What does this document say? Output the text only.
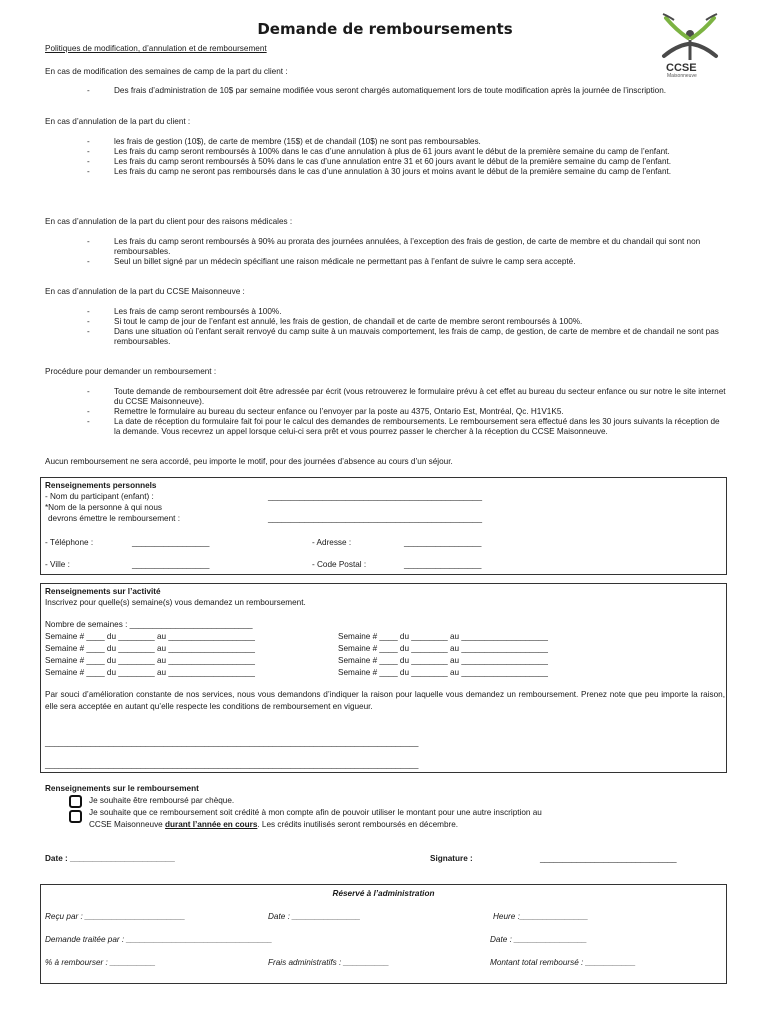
Demande de remboursements
CCSE
Maisonneuve
Politiques de modification, d’annulation et de remboursement
En cas de modification des semaines de camp de la part du client :
- Des frais d’administration de 10$ par semaine modifiée vous seront chargés automatiquement lors de toute modification après la journée de l’inscription.
En cas d’annulation de la part du client :
- les frais de gestion (10$), de carte de membre (15$) et de chandail (10$) ne sont pas remboursables.
- Les frais du camp seront remboursés à 100% dans le cas d’une annulation à plus de 61 jours avant le début de la première semaine du camp de l’enfant.
- Les frais du camp seront remboursés à 50% dans le cas d’une annulation entre 31 et 60 jours avant le début de la première semaine du camp de l’enfant.
- Les frais du camp ne seront pas remboursés dans le cas d’une annulation à 30 jours et moins avant le début de la première semaine du camp de l’enfant.
En cas d’annulation de la part du client pour des raisons médicales :
- Les frais du camp seront remboursés à 90% au prorata des journées annulées, à l’exception des frais de gestion, de carte de membre et du chandail qui sont non remboursables.
- Seul un billet signé par un médecin spécifiant une raison médicale ne permettant pas à l’enfant de suivre le camp sera accepté.
En cas d’annulation de la part du CCSE Maisonneuve :
- Les frais de camp seront remboursés à 100%.
- Si tout le camp de jour de l’enfant est annulé, les frais de gestion, de chandail et de carte de membre seront remboursés à 100%.
- Dans une situation où l’enfant serait renvoyé du camp suite à un mauvais comportement, les frais de camp, de gestion, de carte de membre et de chandail ne sont pas remboursables.
Procédure pour demander un remboursement :
- Toute demande de remboursement doit être adressée par écrit (vous retrouverez le formulaire prévu à cet effet au bureau du secteur enfance ou sur notre le site internet du CCSE Maisonneuve).
- Remettre le formulaire au bureau du secteur enfance ou l’envoyer par la poste au 4375, Ontario Est, Montréal, Qc. H1V1K5.
- La date de réception du formulaire fait foi pour le calcul des demandes de remboursements. Le remboursement sera effectué dans les 30 jours suivants la réception de la demande. Vous recevrez un appel lorsque celui-ci sera prêt et vous pourrez passer le chercher à la réception du CCSE Maisonneuve.
Aucun remboursement ne sera accordé, peu importe le motif, pour des journées d’absence au cours d’un séjour.
Renseignements personnels
- Nom du participant (enfant) :	_______________________________________________
*Nom de la personne à qui nous
devrons émettre le remboursement :	_______________________________________________
- Téléphone :	_________________	- Adresse :	_________________
- Ville :	_________________	- Code Postal :	_________________
Renseignements sur l’activité
Inscrivez pour quelle(s) semaine(s) vous demandez un remboursement.
Nombre de semaines : ___________________________
Semaine # ____ du ________ au ___________________	Semaine # ____ du ________ au ___________________
Semaine # ____ du ________ au ___________________	Semaine # ____ du ________ au ___________________
Semaine # ____ du ________ au ___________________	Semaine # ____ du ________ au ___________________
Semaine # ____ du ________ au ___________________	Semaine # ____ du ________ au ___________________
Par souci d’amélioration constante de nos services, nous vous demandons d’indiquer la raison pour laquelle vous demandez un remboursement. Prenez note que peu importe la raison, elle sera acceptée en autant qu’elle respecte les conditions de remboursement en vigueur.
__________________________________________________________________________________
__________________________________________________________________________________
Renseignements sur le remboursement
Je souhaite être remboursé par chèque.
Je souhaite que ce remboursement soit crédité à mon compte afin de pouvoir utiliser le montant pour une autre inscription au
CCSE Maisonneuve durant l’année en cours. Les crédits inutilisés seront remboursés en décembre.
Date : _______________________	Signature :	______________________________
Réservé à l’administration
Reçu par : ______________________	Date : _______________	Heure :_______________
Demande traitée par : ________________________________	Date : ________________
% à rembourser : __________	Frais administratifs : __________	Montant total remboursé : ___________
